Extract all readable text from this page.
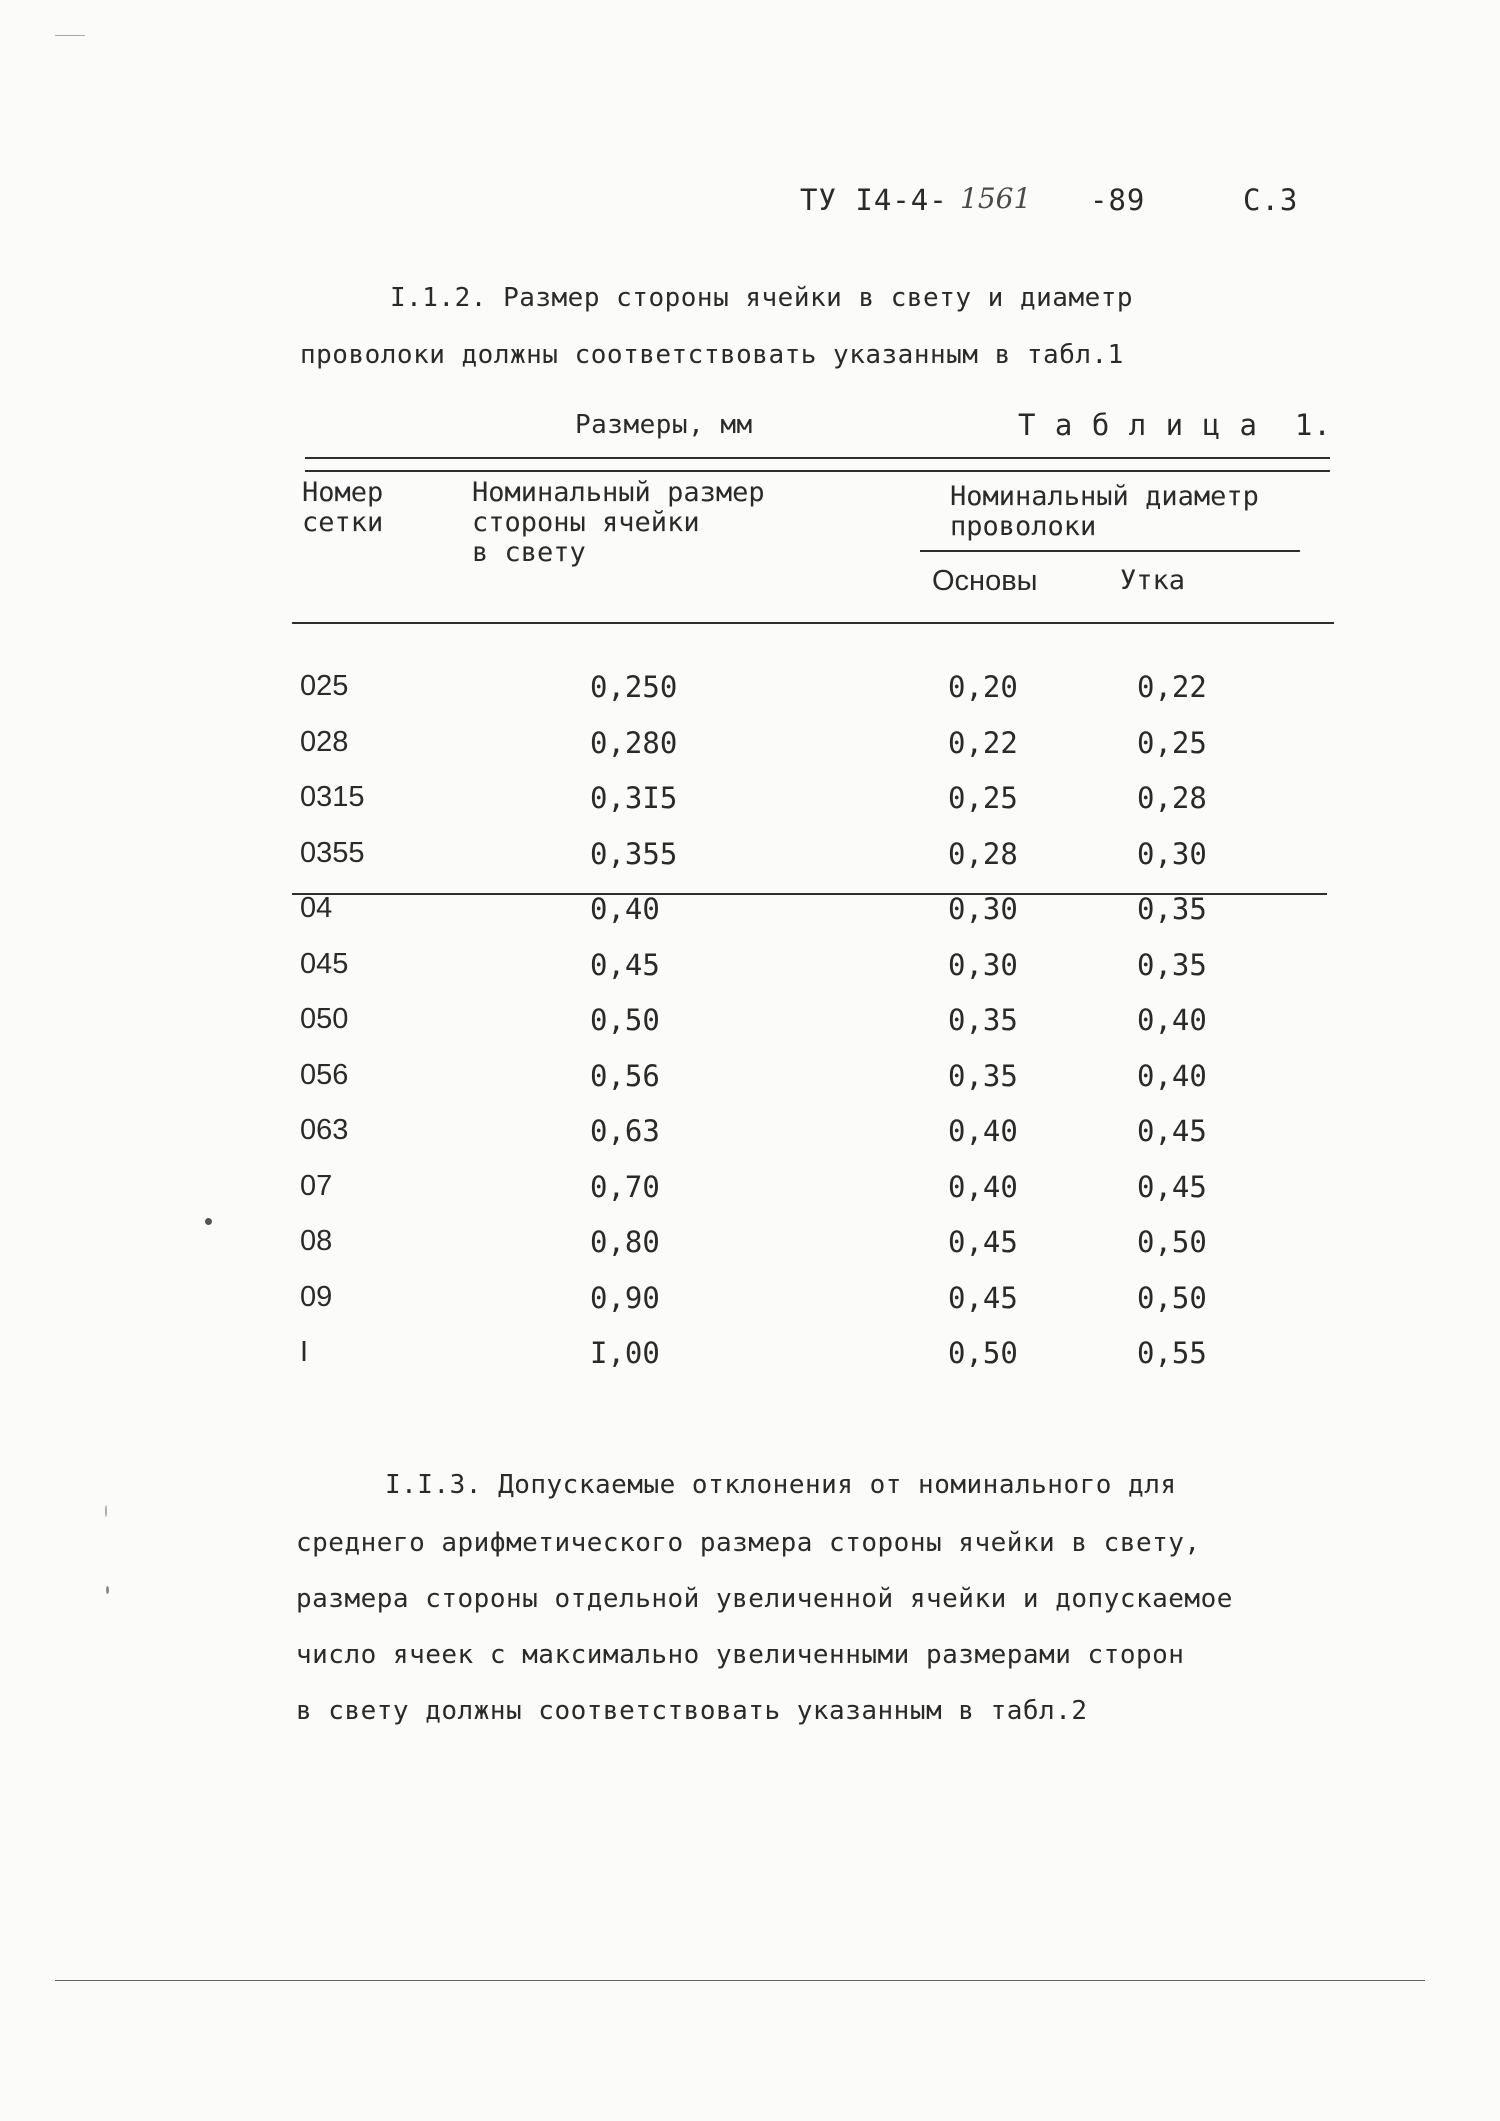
ТУ I4-4- 1561 -89	С.3
I.1.2. Размер стороны ячейки в свету и диаметр
проволоки должны соответствовать указанным в табл.1
Размеры, мм	Т а б л и ц а  1.
Номер
сетки
Номинальный размер
стороны ячейки
в свету
Номинальный диаметр
проволоки
Основы	Утка
025	0,250	0,20	0,22
028	0,280	0,22	0,25
0315	0,3I5	0,25	0,28
0355	0,355	0,28	0,30
04	0,40	0,30	0,35
045	0,45	0,30	0,35
050	0,50	0,35	0,40
056	0,56	0,35	0,40
063	0,63	0,40	0,45
07	0,70	0,40	0,45
08	0,80	0,45	0,50
09	0,90	0,45	0,50
I	I,00	0,50	0,55
I.I.3. Допускаемые отклонения от номинального для
среднего арифметического размера стороны ячейки в свету,
размера стороны отдельной увеличенной ячейки и допускаемое
число ячеек с максимально увеличенными размерами сторон
в свету должны соответствовать указанным в табл.2
